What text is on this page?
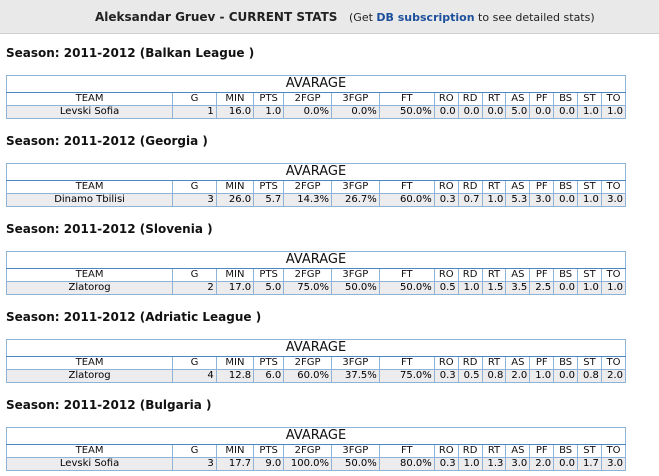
Aleksandar Gruev - CURRENT STATS (Get DB subscription to see detailed stats)
Season: 2011-2012 (Balkan League )
AVARAGE														
TEAM	G	MIN	PTS	2FGP	3FGP	FT	RO	RD	RT	AS	PF	BS	ST	TO
Levski Sofia	1	16.0	1.0	0.0%	0.0%	50.0%	0.0	0.0	0.0	5.0	0.0	0.0	1.0	1.0
Season: 2011-2012 (Georgia )
AVARAGE														
TEAM	G	MIN	PTS	2FGP	3FGP	FT	RO	RD	RT	AS	PF	BS	ST	TO
Dinamo Tbilisi	3	26.0	5.7	14.3%	26.7%	60.0%	0.3	0.7	1.0	5.3	3.0	0.0	1.0	3.0
Season: 2011-2012 (Slovenia )
AVARAGE														
TEAM	G	MIN	PTS	2FGP	3FGP	FT	RO	RD	RT	AS	PF	BS	ST	TO
Zlatorog	2	17.0	5.0	75.0%	50.0%	50.0%	0.5	1.0	1.5	3.5	2.5	0.0	1.0	1.0
Season: 2011-2012 (Adriatic League )
AVARAGE														
TEAM	G	MIN	PTS	2FGP	3FGP	FT	RO	RD	RT	AS	PF	BS	ST	TO
Zlatorog	4	12.8	6.0	60.0%	37.5%	75.0%	0.3	0.5	0.8	2.0	1.0	0.0	0.8	2.0
Season: 2011-2012 (Bulgaria )
AVARAGE														
TEAM	G	MIN	PTS	2FGP	3FGP	FT	RO	RD	RT	AS	PF	BS	ST	TO
Levski Sofia	3	17.7	9.0	100.0%	50.0%	80.0%	0.3	1.0	1.3	3.0	2.0	0.0	1.7	3.0
